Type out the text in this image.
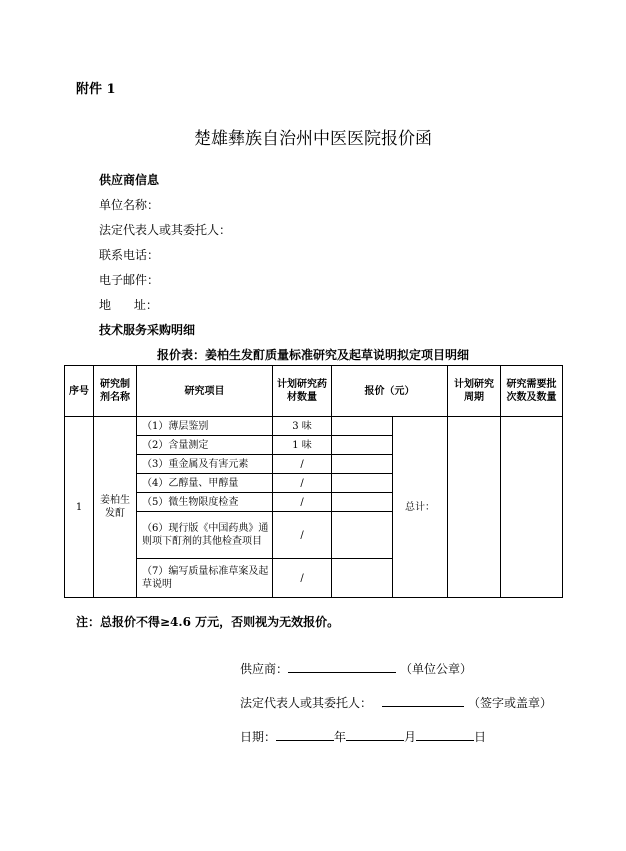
附件 1
楚雄彝族自治州中医医院报价函
供应商信息
单位名称：
法定代表人或其委托人：
联系电话：
电子邮件：
地      址：
技术服务采购明细
报价表：姜柏生发酊质量标准研究及起草说明拟定项目明细
序号	研究制剂名称	研究项目	计划研究药材数量	报价（元）		计划研究周期	研究需要批次数及数量
1	姜柏生发酊	（1）薄层鉴别	3 味		总计：		
		（2）含量测定	1 味				
		（3）重金属及有害元素	/				
		（4）乙醇量、甲醇量	/				
		（5）微生物限度检查	/				
		（6）现行版《中国药典》通则项下酊剂的其他检查项目	/				
		（7）编写质量标准草案及起草说明	/				
注：总报价不得≥4.6 万元，否则视为无效报价。
供应商：	（单位公章）
法定代表人或其委托人：	（签字或盖章）
日期：	年	月	日
